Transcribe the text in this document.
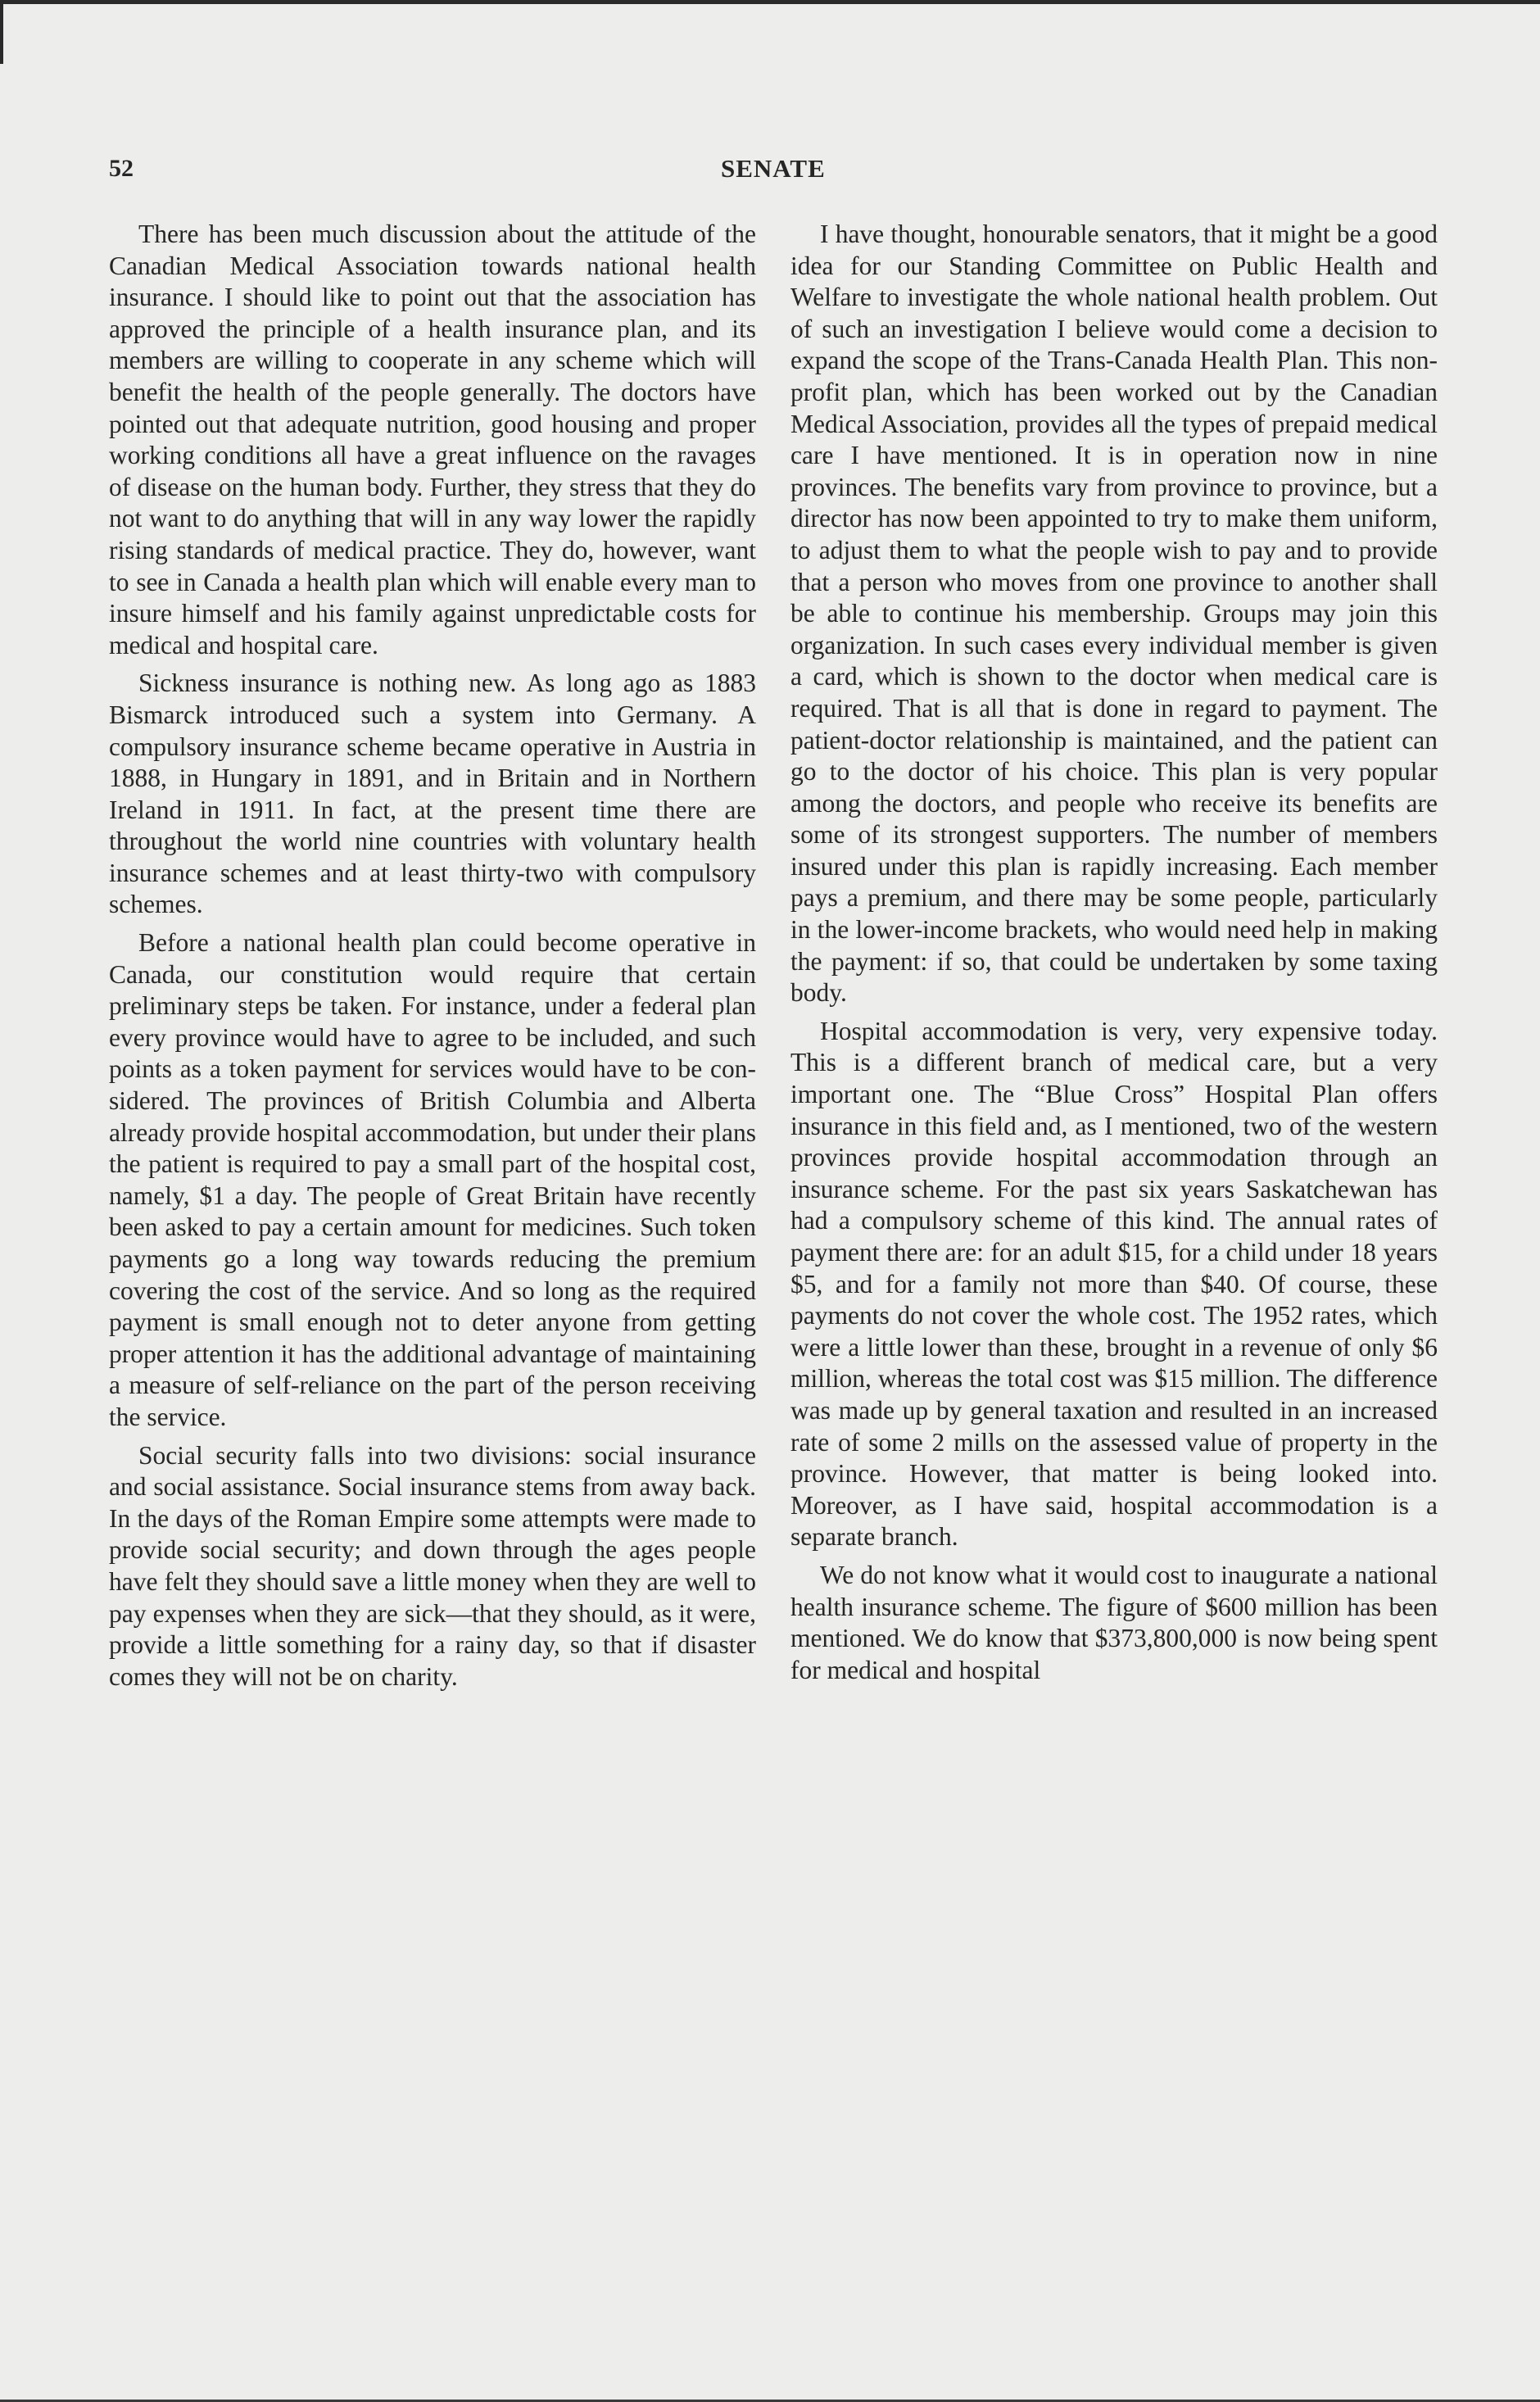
52	SENATE

There has been much discussion about the attitude of the Canadian Medical Association towards national health insurance. I should like to point out that the association has approved the principle of a health insurance plan, and its members are willing to cooperate in any scheme which will benefit the health of the people generally. The doctors have pointed out that adequate nutrition, good housing and proper working conditions all have a great influence on the ravages of disease on the human body. Further, they stress that they do not want to do anything that will in any way lower the rapidly rising standards of medical practice. They do, however, want to see in Canada a health plan which will enable every man to insure himself and his family against unpredictable costs for medical and hospital care.

Sickness insurance is nothing new. As long ago as 1883 Bismarck introduced such a system into Germany. A compulsory insurance scheme became operative in Austria in 1888, in Hungary in 1891, and in Britain and in Northern Ireland in 1911. In fact, at the present time there are throughout the world nine countries with voluntary health insurance schemes and at least thirty-two with compulsory schemes.

Before a national health plan could become operative in Canada, our constitution would require that certain preliminary steps be taken. For instance, under a federal plan every province would have to agree to be included, and such points as a token payment for services would have to be considered. The provinces of British Columbia and Alberta already provide hospital accommodation, but under their plans the patient is required to pay a small part of the hospital cost, namely, $1 a day. The people of Great Britain have recently been asked to pay a certain amount for medicines. Such token payments go a long way towards reducing the premium covering the cost of the service. And so long as the required payment is small enough not to deter anyone from getting proper attention it has the additional advantage of maintaining a measure of self-reliance on the part of the person receiving the service.

Social security falls into two divisions: social insurance and social assistance. Social insurance stems from away back. In the days of the Roman Empire some attempts were made to provide social security; and down through the ages people have felt they should save a little money when they are well to pay expenses when they are sick—that they should, as it were, provide a little something for a rainy day, so that if disaster comes they will not be on charity.

I have thought, honourable senators, that it might be a good idea for our Standing Committee on Public Health and Welfare to investigate the whole national health problem. Out of such an investigation I believe would come a decision to expand the scope of the Trans-Canada Health Plan. This non-profit plan, which has been worked out by the Canadian Medical Association, provides all the types of prepaid medical care I have mentioned. It is in operation now in nine provinces. The benefits vary from province to province, but a director has now been appointed to try to make them uniform, to adjust them to what the people wish to pay and to provide that a person who moves from one province to another shall be able to continue his membership. Groups may join this organization. In such cases every individual member is given a card, which is shown to the doctor when medical care is required. That is all that is done in regard to payment. The patient-doctor relationship is maintained, and the patient can go to the doctor of his choice. This plan is very popular among the doctors, and people who receive its benefits are some of its strongest supporters. The number of members insured under this plan is rapidly increasing. Each member pays a premium, and there may be some people, particularly in the lower-income brackets, who would need help in making the payment: if so, that could be undertaken by some taxing body.

Hospital accommodation is very, very expensive today. This is a different branch of medical care, but a very important one. The “Blue Cross” Hospital Plan offers insurance in this field and, as I mentioned, two of the western provinces provide hospital accommodation through an insurance scheme. For the past six years Saskatchewan has had a compulsory scheme of this kind. The annual rates of payment there are: for an adult $15, for a child under 18 years $5, and for a family not more than $40. Of course, these payments do not cover the whole cost. The 1952 rates, which were a little lower than these, brought in a revenue of only $6 million, whereas the total cost was $15 million. The difference was made up by general taxation and resulted in an increased rate of some 2 mills on the assessed value of property in the province. However, that matter is being looked into. Moreover, as I have said, hospital accommodation is a separate branch.

We do not know what it would cost to inaugurate a national health insurance scheme. The figure of $600 million has been mentioned. We do know that $373,800,000 is now being spent for medical and hospital
